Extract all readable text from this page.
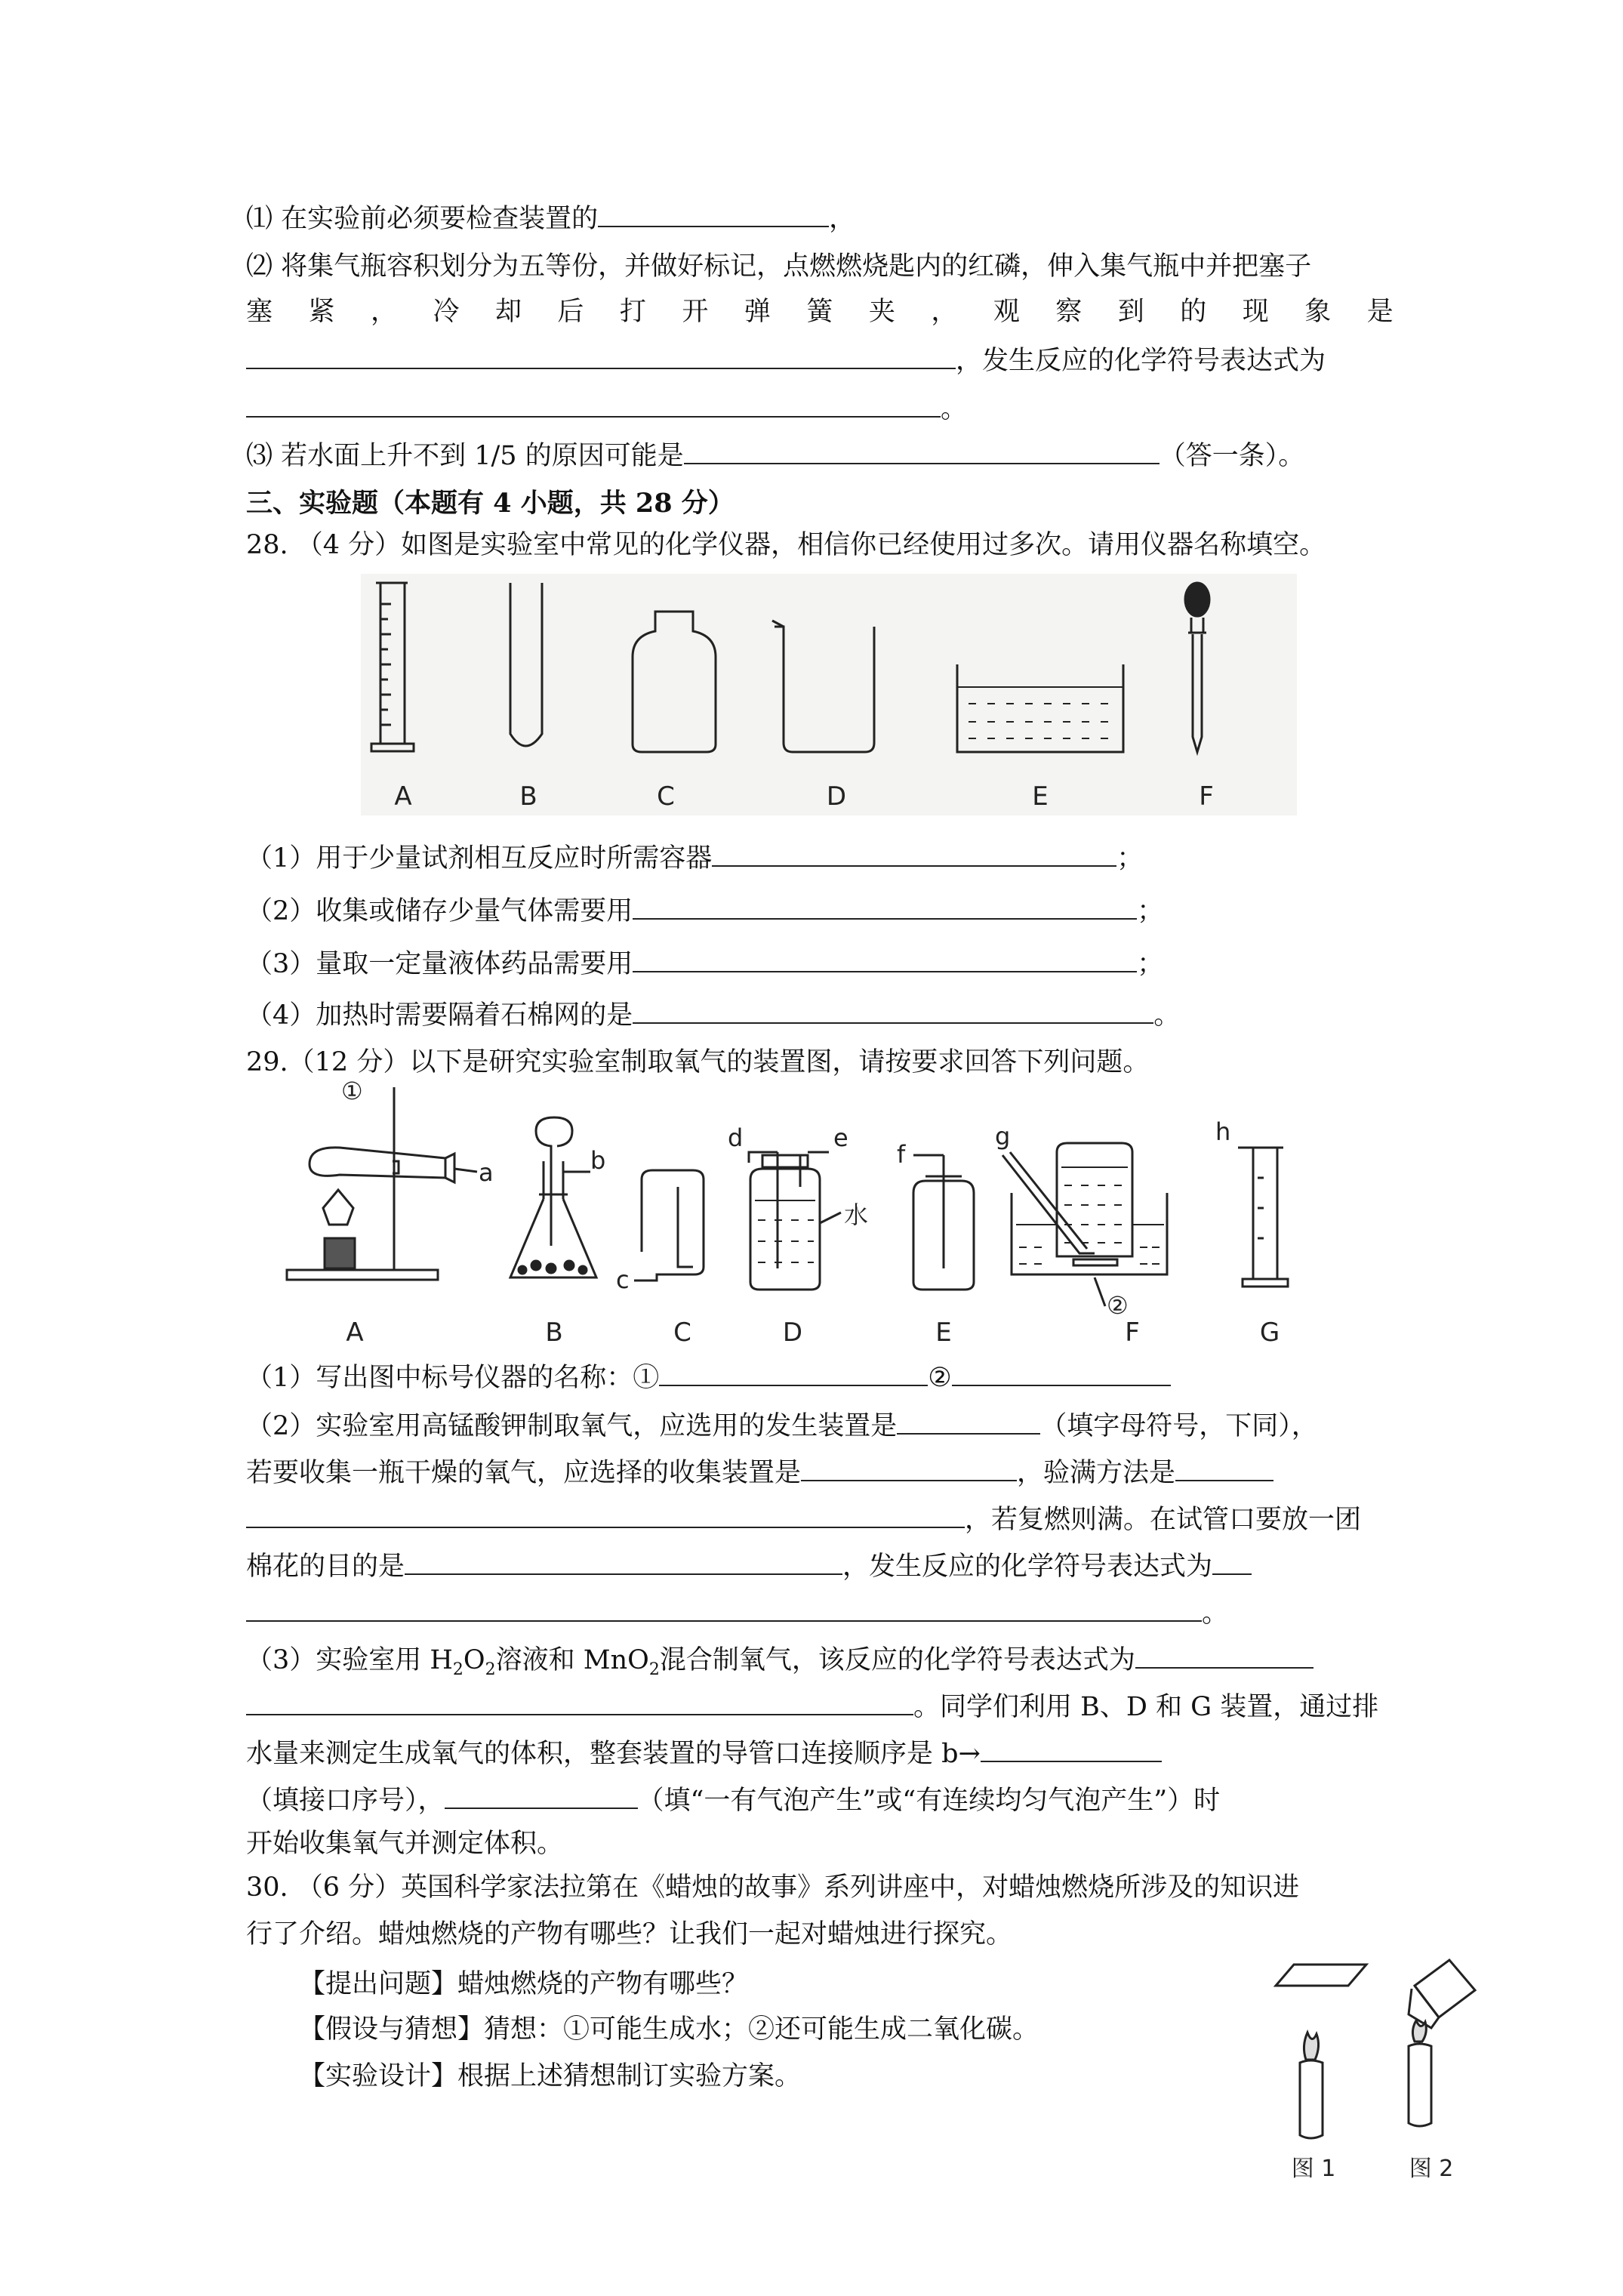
⑴ 在实验前必须要检查装置的	，
⑵ 将集气瓶容积划分为五等份，并做好标记，点燃燃烧匙内的红磷，伸入集气瓶中并把塞子
塞 紧 ， 冷 却 后 打 开 弹 簧 夹 ， 观 察 到 的 现 象 是
，发生反应的化学符号表达式为
。
⑶ 若水面上升不到 1/5 的原因可能是	（答一条）。
三、实验题（本题有 4 小题，共 28 分）
28. （4 分）如图是实验室中常见的化学仪器，相信你已经使用过多次。请用仪器名称填空。
A	B	C	D	E	F
（1）用于少量试剂相互反应时所需容器	；
（2）收集或储存少量气体需要用	；
（3）量取一定量液体药品需要用	；
（4）加热时需要隔着石棉网的是	。
29.（12 分）以下是研究实验室制取氧气的装置图，请按要求回答下列问题。
①
a	b
c
d	e
水
f
g	h
②
A	B	C	D	E	F	G
（1）写出图中标号仪器的名称：①	②
（2）实验室用高锰酸钾制取氧气，应选用的发生装置是	（填字母符号，下同），
若要收集一瓶干燥的氧气，应选择的收集装置是	，验满方法是
，若复燃则满。在试管口要放一团
棉花的目的是	，发生反应的化学符号表达式为
。
（3）实验室用 $H_2O_2$溶液和 MnO$_2$混合制氧气，该反应的化学符号表达式为
。同学们利用 B、D 和 G 装置，通过排
水量来测定生成氧气的体积，整套装置的导管口连接顺序是 b→
（填接口序号），	（填“一有气泡产生”或“有连续均匀气泡产生”）时
开始收集氧气并测定体积。
30. （6 分）英国科学家法拉第在《蜡烛的故事》系列讲座中，对蜡烛燃烧所涉及的知识进
行了介绍。蜡烛燃烧的产物有哪些？让我们一起对蜡烛进行探究。
【提出问题】蜡烛燃烧的产物有哪些？
【假设与猜想】猜想：①可能生成水；②还可能生成二氧化碳。
【实验设计】根据上述猜想制订实验方案。
图 1	图 2
